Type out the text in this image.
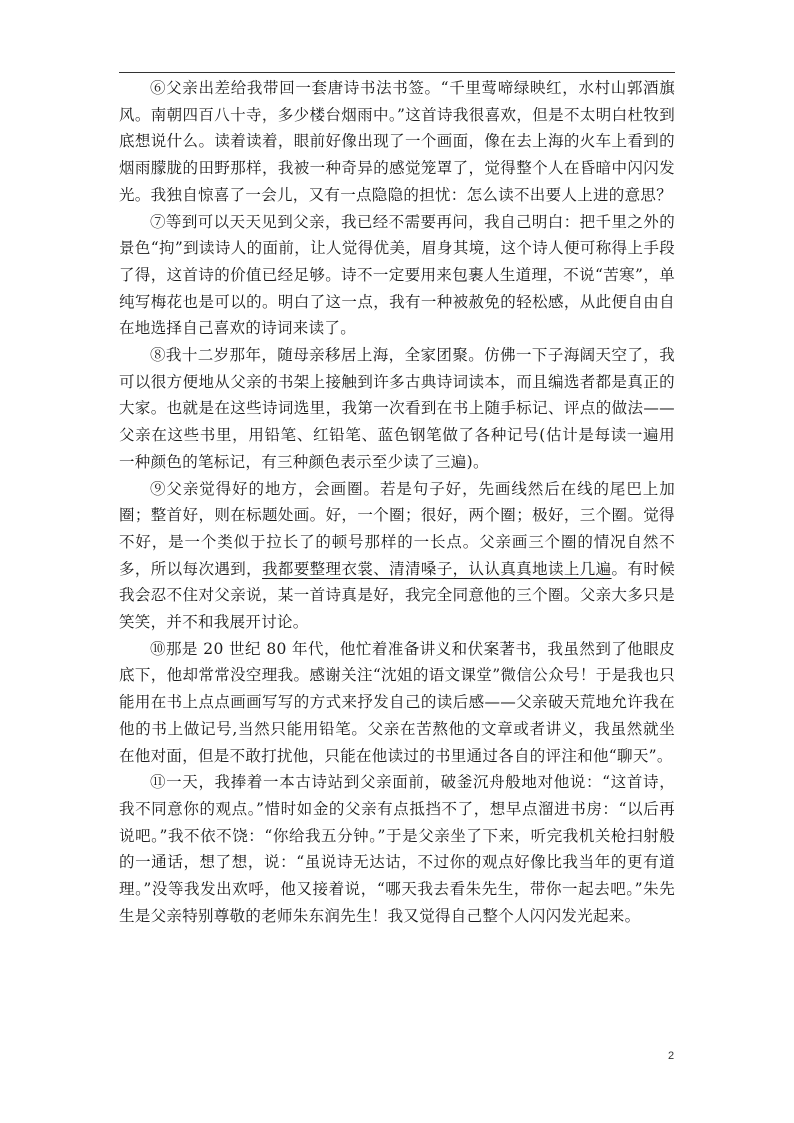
⑥父亲出差给我带回一套唐诗书法书签。“千里莺啼绿映红，水村山郭酒旗风。南朝四百八十寺，多少楼台烟雨中。”这首诗我很喜欢，但是不太明白杜牧到底想说什么。读着读着，眼前好像出现了一个画面，像在去上海的火车上看到的烟雨朦胧的田野那样，我被一种奇异的感觉笼罩了，觉得整个人在昏暗中闪闪发光。我独自惊喜了一会儿，又有一点隐隐的担忧：怎么读不出要人上进的意思？

⑦等到可以天天见到父亲，我已经不需要再问，我自己明白：把千里之外的景色“拘”到读诗人的面前，让人觉得优美，眉身其境，这个诗人便可称得上手段了得，这首诗的价值已经足够。诗不一定要用来包裹人生道理，不说“苦寒”，单纯写梅花也是可以的。明白了这一点，我有一种被赦免的轻松感，从此便自由自在地选择自己喜欢的诗词来读了。

⑧我十二岁那年，随母亲移居上海，全家团聚。仿佛一下子海阔天空了，我可以很方便地从父亲的书架上接触到许多古典诗词读本，而且编选者都是真正的大家。也就是在这些诗词选里，我第一次看到在书上随手标记、评点的做法——父亲在这些书里，用铅笔、红铅笔、蓝色钢笔做了各种记号(估计是每读一遍用一种颜色的笔标记，有三种颜色表示至少读了三遍)。

⑨父亲觉得好的地方，会画圈。若是句子好，先画线然后在线的尾巴上加圈；整首好，则在标题处画。好，一个圈；很好，两个圈；极好，三个圈。觉得不好，是一个类似于拉长了的顿号那样的一长点。父亲画三个圈的情况自然不多，所以每次遇到，我都要整理衣裳、清清嗓子，认认真真地读上几遍。有时候我会忍不住对父亲说，某一首诗真是好，我完全同意他的三个圈。父亲大多只是笑笑，并不和我展开讨论。

⑩那是 20 世纪 80 年代，他忙着准备讲义和伏案著书，我虽然到了他眼皮底下，他却常常没空理我。感谢关注“沈姐的语文课堂”微信公众号！于是我也只能用在书上点点画画写写的方式来抒发自己的读后感——父亲破天荒地允许我在他的书上做记号,当然只能用铅笔。父亲在苦熬他的文章或者讲义，我虽然就坐在他对面，但是不敢打扰他，只能在他读过的书里通过各自的评注和他“聊天”。

⑪一天，我捧着一本古诗站到父亲面前，破釜沉舟般地对他说：“这首诗，我不同意你的观点。”惜时如金的父亲有点抵挡不了，想早点溜进书房：“以后再说吧。”我不依不饶：“你给我五分钟。”于是父亲坐了下来，听完我机关枪扫射般的一通话，想了想，说：“虽说诗无达诂，不过你的观点好像比我当年的更有道理。”没等我发出欢呼，他又接着说，“哪天我去看朱先生，带你一起去吧。”朱先生是父亲特别尊敬的老师朱东润先生！我又觉得自己整个人闪闪发光起来。

2
